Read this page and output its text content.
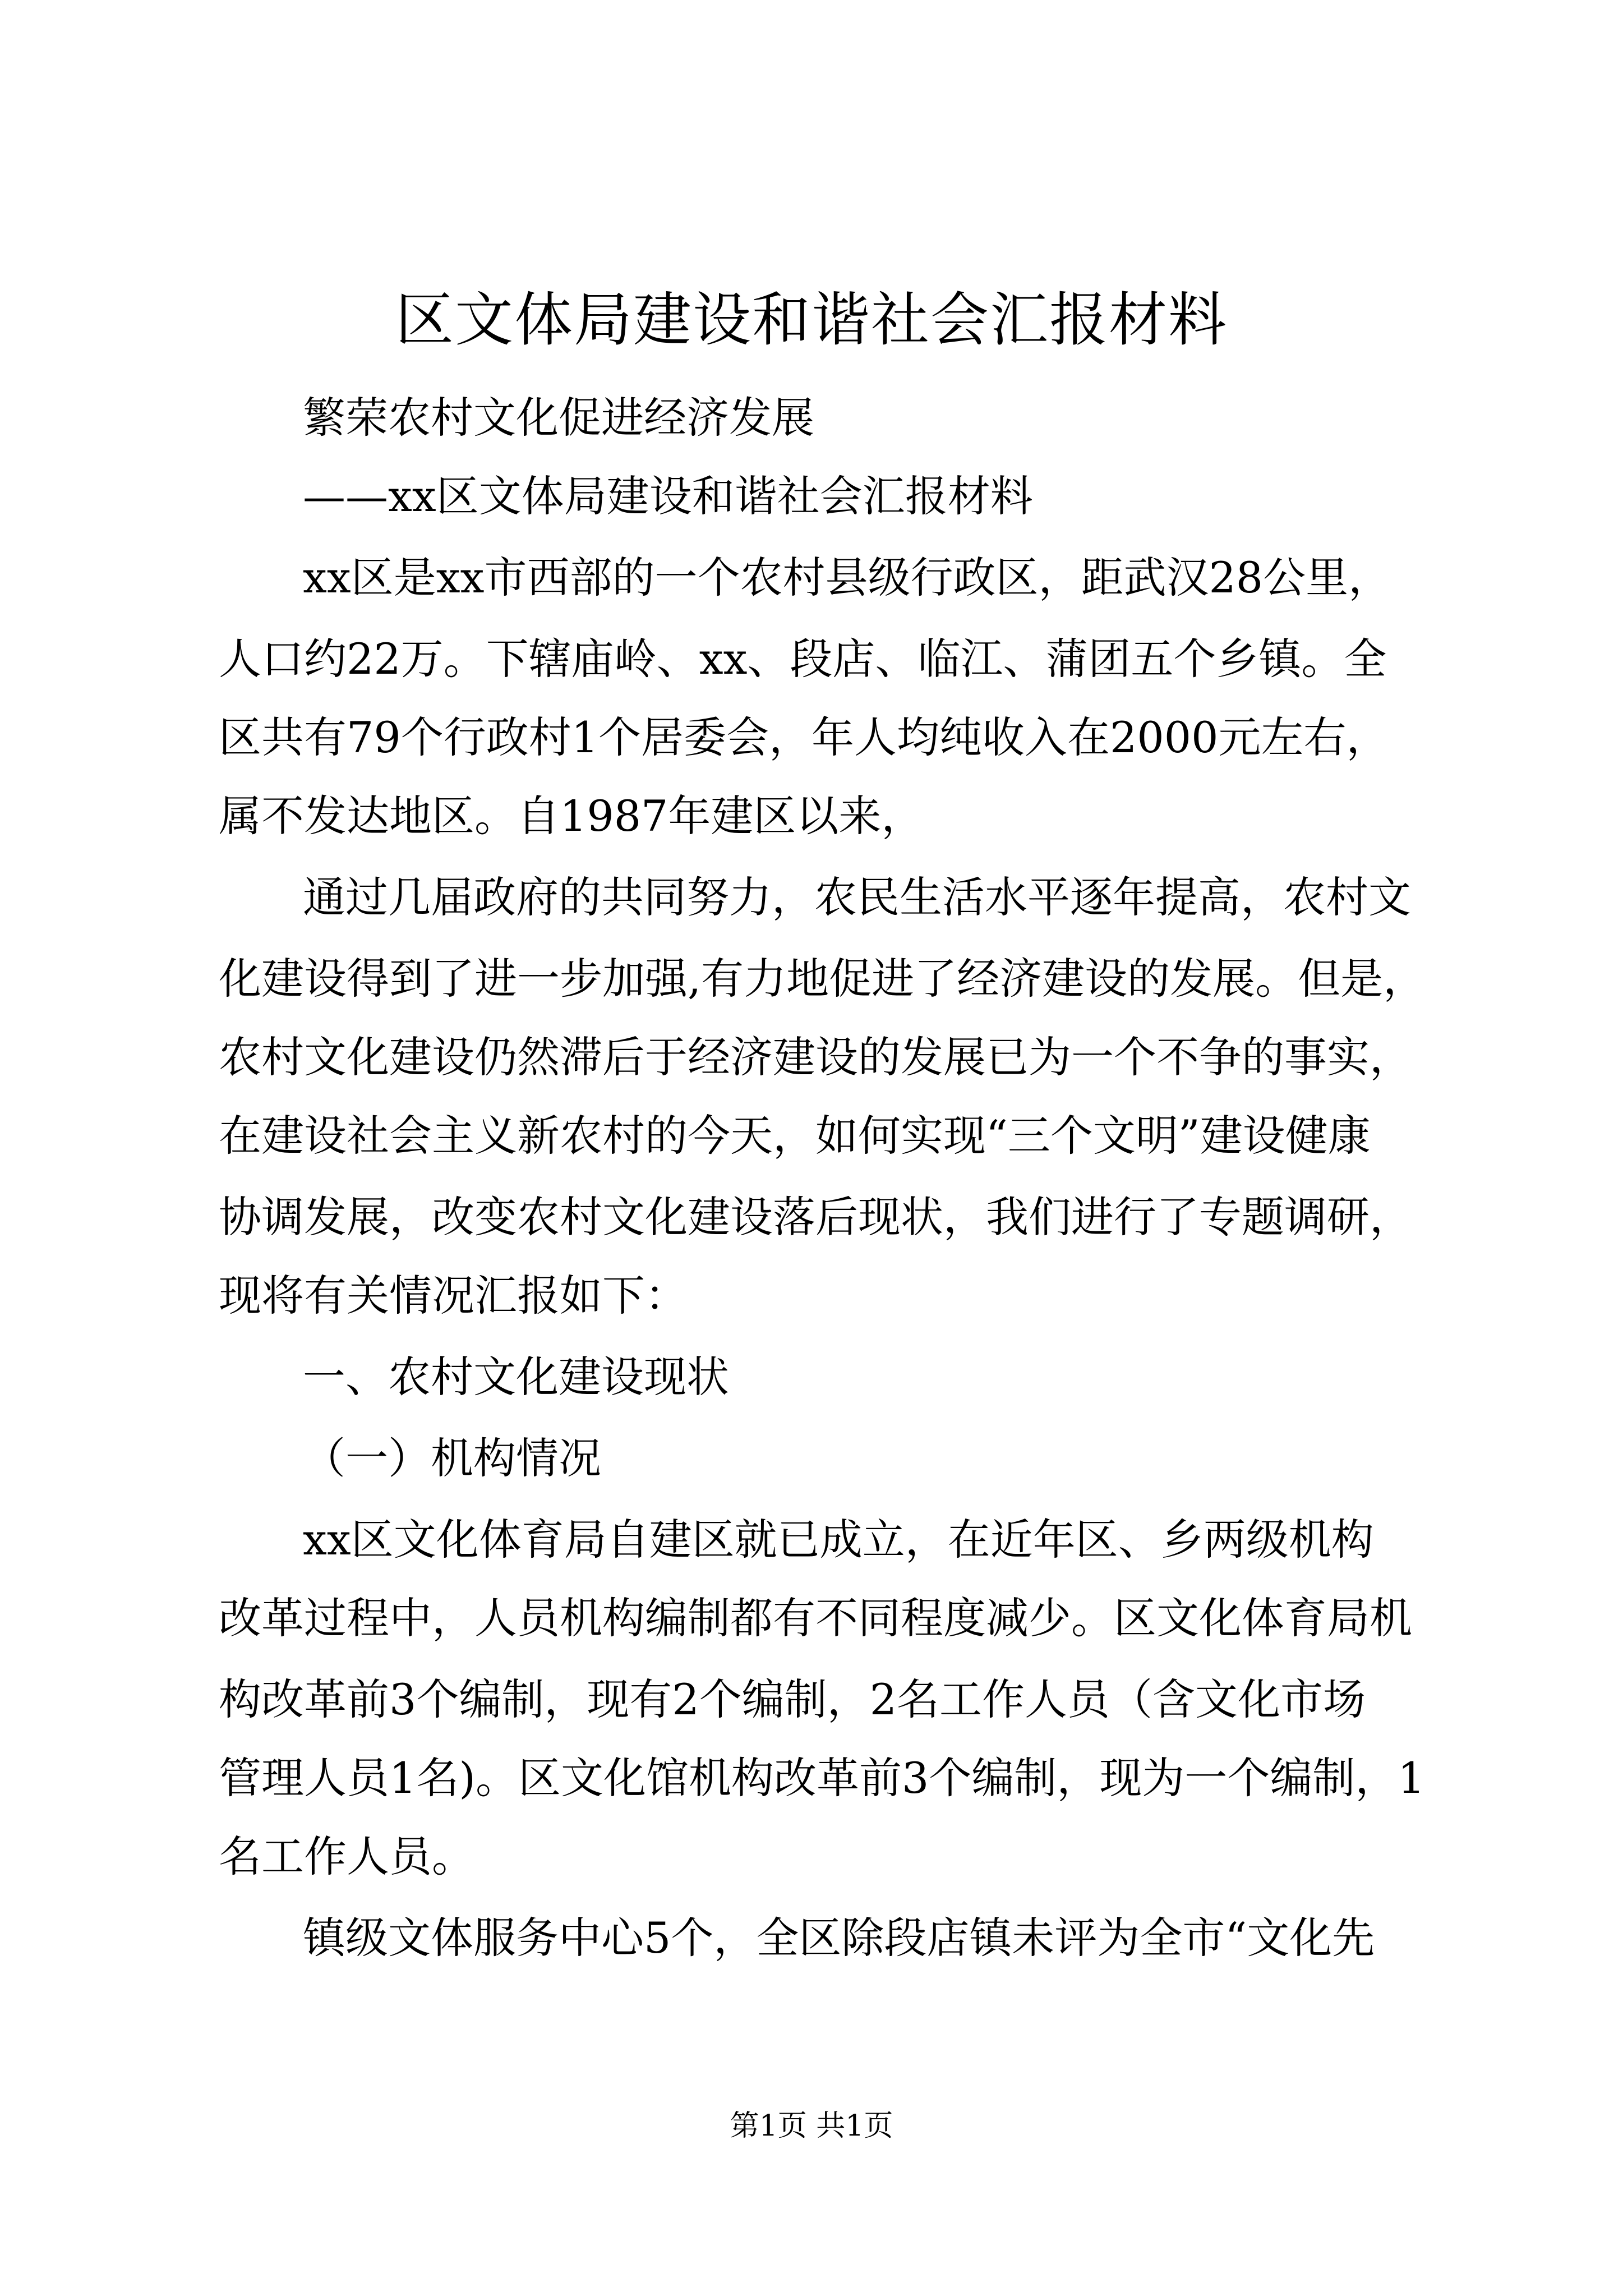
区文体局建设和谐社会汇报材料

繁荣农村文化促进经济发展

——xx区文体局建设和谐社会汇报材料

xx区是xx市西部的一个农村县级行政区，距武汉28公里，

人口约22万。下辖庙岭、xx、段店、临江、蒲团五个乡镇。全

区共有79个行政村1个居委会，年人均纯收入在2000元左右，

属不发达地区。自1987年建区以来，

通过几届政府的共同努力，农民生活水平逐年提高，农村文

化建设得到了进一步加强,有力地促进了经济建设的发展。但是，

农村文化建设仍然滞后于经济建设的发展已为一个不争的事实，

在建设社会主义新农村的今天，如何实现“三个文明”建设健康

协调发展，改变农村文化建设落后现状，我们进行了专题调研，

现将有关情况汇报如下：

一、农村文化建设现状

（一）机构情况

xx区文化体育局自建区就已成立，在近年区、乡两级机构

改革过程中，人员机构编制都有不同程度减少。区文化体育局机

构改革前3个编制，现有2个编制，2名工作人员（含文化市场

管理人员1名)。区文化馆机构改革前3个编制，现为一个编制，1

名工作人员。

镇级文体服务中心5个，全区除段店镇未评为全市“文化先

第1页 共1页
